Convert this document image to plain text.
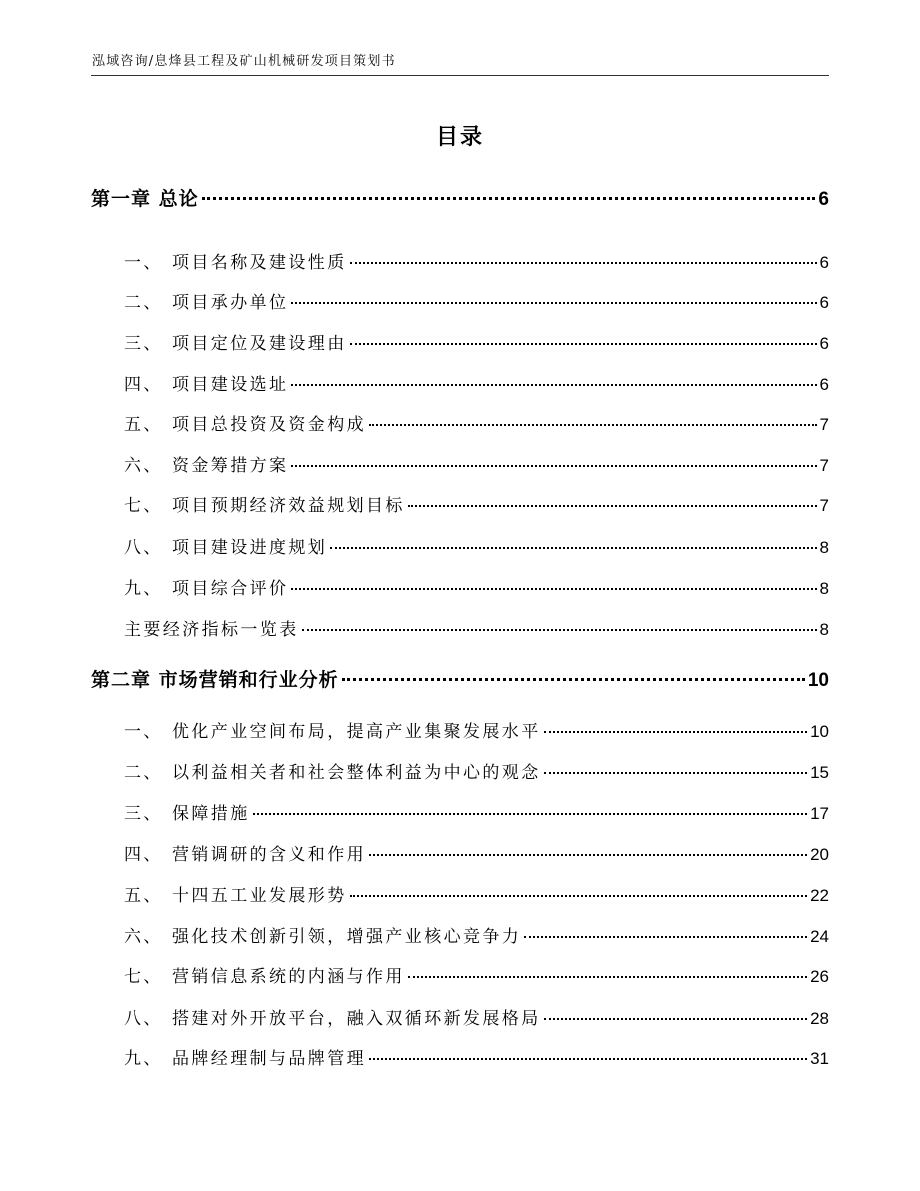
泓域咨询/息烽县工程及矿山机械研发项目策划书
目录
第一章 总论	6
一、 项目名称及建设性质	6
二、 项目承办单位	6
三、 项目定位及建设理由	6
四、 项目建设选址	6
五、 项目总投资及资金构成	7
六、 资金筹措方案	7
七、 项目预期经济效益规划目标	7
八、 项目建设进度规划	8
九、 项目综合评价	8
主要经济指标一览表	8
第二章 市场营销和行业分析	10
一、 优化产业空间布局，提高产业集聚发展水平	10
二、 以利益相关者和社会整体利益为中心的观念	15
三、 保障措施	17
四、 营销调研的含义和作用	20
五、 十四五工业发展形势	22
六、 强化技术创新引领，增强产业核心竞争力	24
七、 营销信息系统的内涵与作用	26
八、 搭建对外开放平台，融入双循环新发展格局	28
九、 品牌经理制与品牌管理	31
